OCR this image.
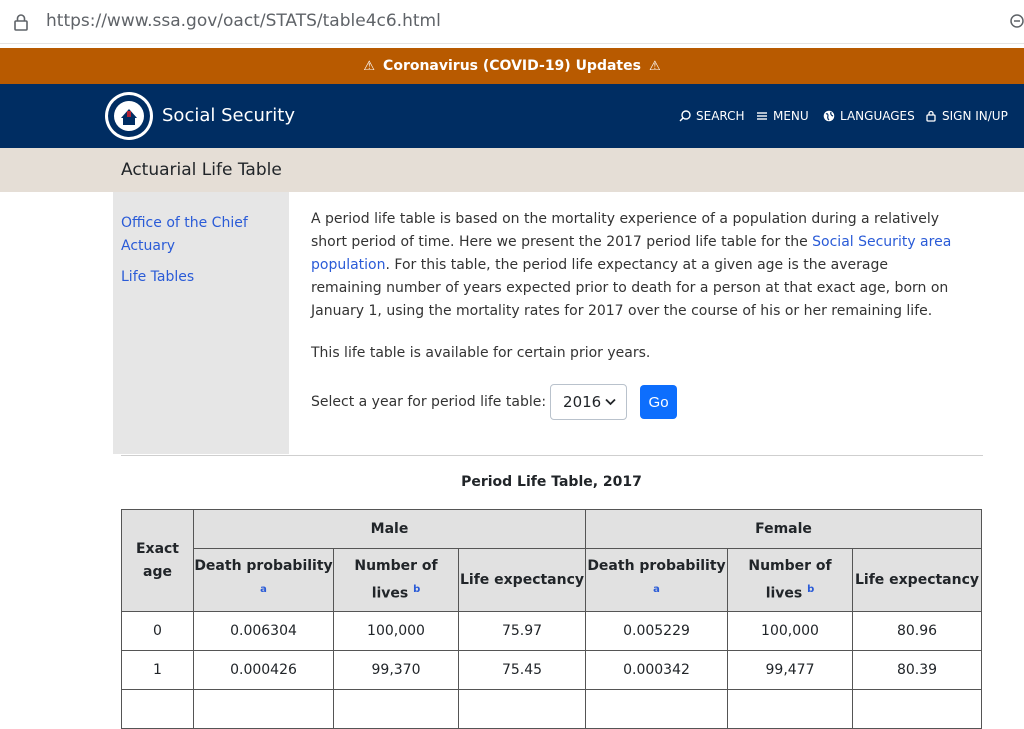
https://www.ssa.gov/oact/STATS/table4c6.html
⚠ Coronavirus (COVID-19) Updates ⚠
Social Security	SEARCH MENU	LANGUAGES SIGN IN/UP
Actuarial Life Table
Office of the Chief Actuary
Life Tables

A period life table is based on the mortality experience of a population during a relatively short period of time. Here we present the 2017 period life table for the Social Security area population. For this table, the period life expectancy at a given age is the average remaining number of years expected prior to death for a person at that exact age, born on January 1, using the mortality rates for 2017 over the course of his or her remaining life.

This life table is available for certain prior years.

Select a year for period life table: 2016	Go
Period Life Table, 2017
Exact age	Male			Female		
	Death probability $^a$	Number of lives $^b$	Life expectancy	Death probability $^a$	Number of lives $^b$	Life expectancy
0	0.006304	100,000	75.97	0.005229	100,000	80.96
1	0.000426	99,370	75.45	0.000342	99,477	80.39
